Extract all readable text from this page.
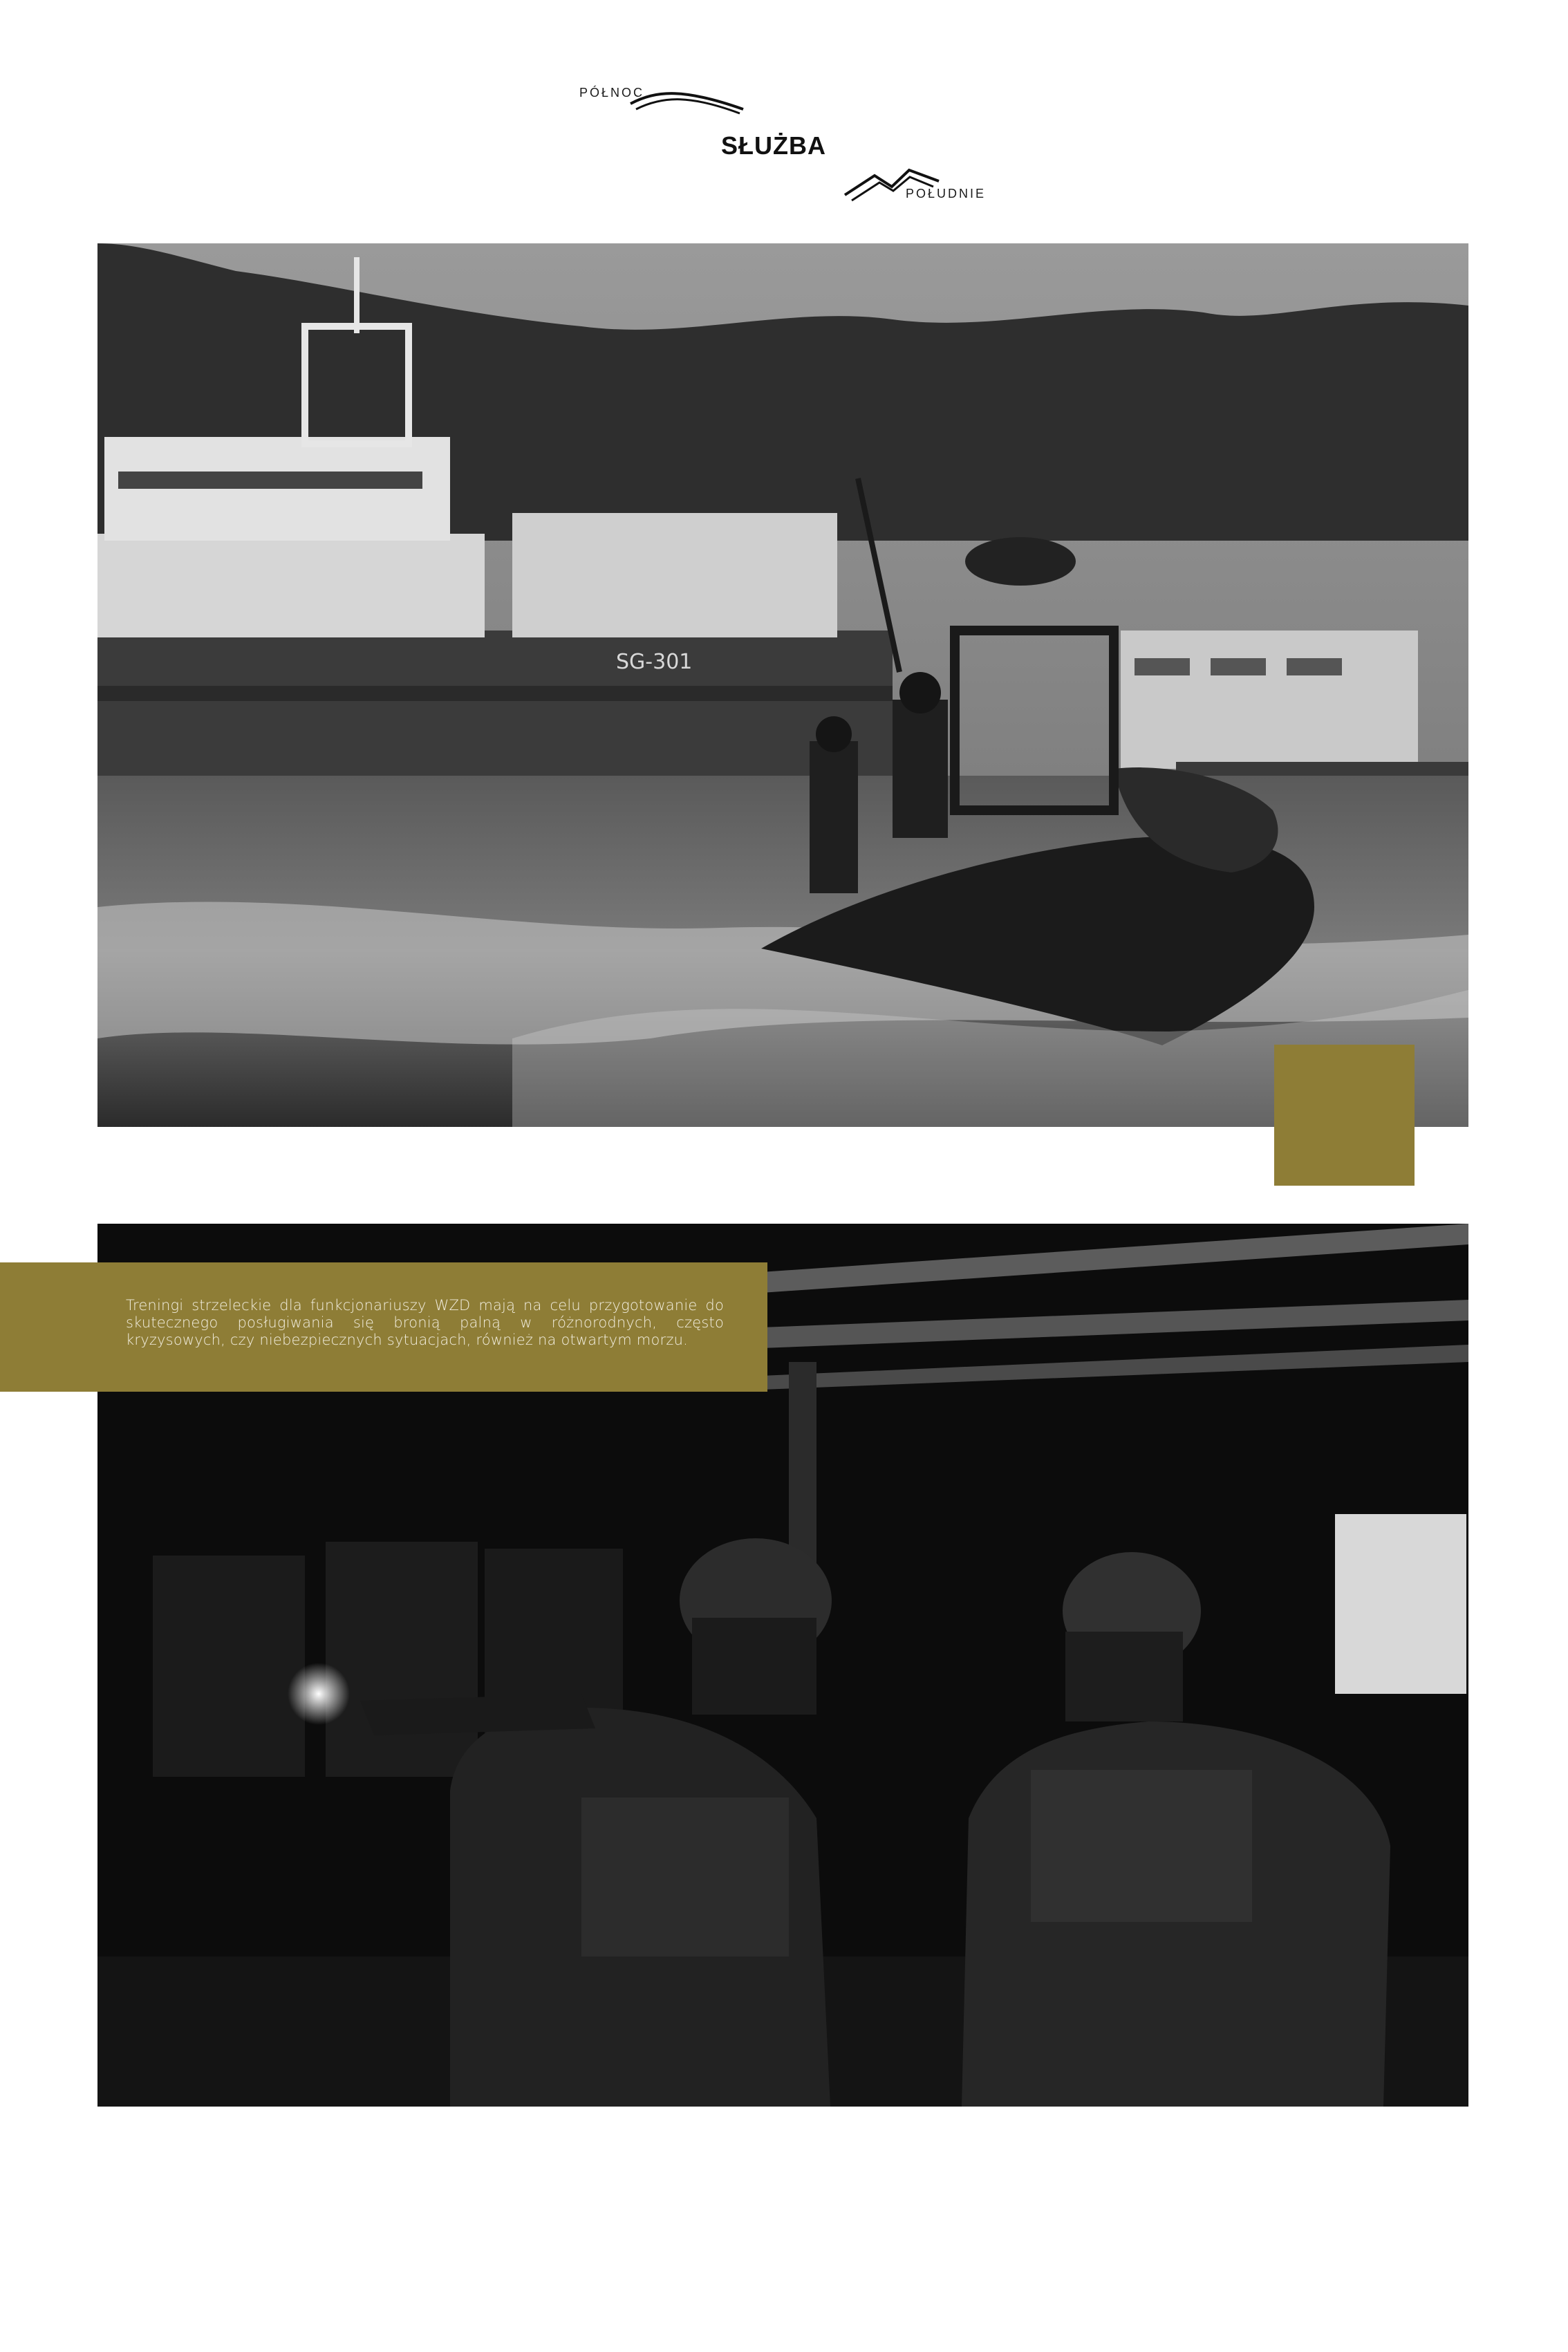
PÓŁNOC
SŁUŻBA
POŁUDNIE
SG-301

Treningi strzeleckie dla funkcjonariuszy WZD mają na celu przygotowanie do skutecznego posługiwania się bronią palną w różnorodnych, często kryzysowych, czy niebezpiecznych sytuacjach, również na otwartym morzu.
